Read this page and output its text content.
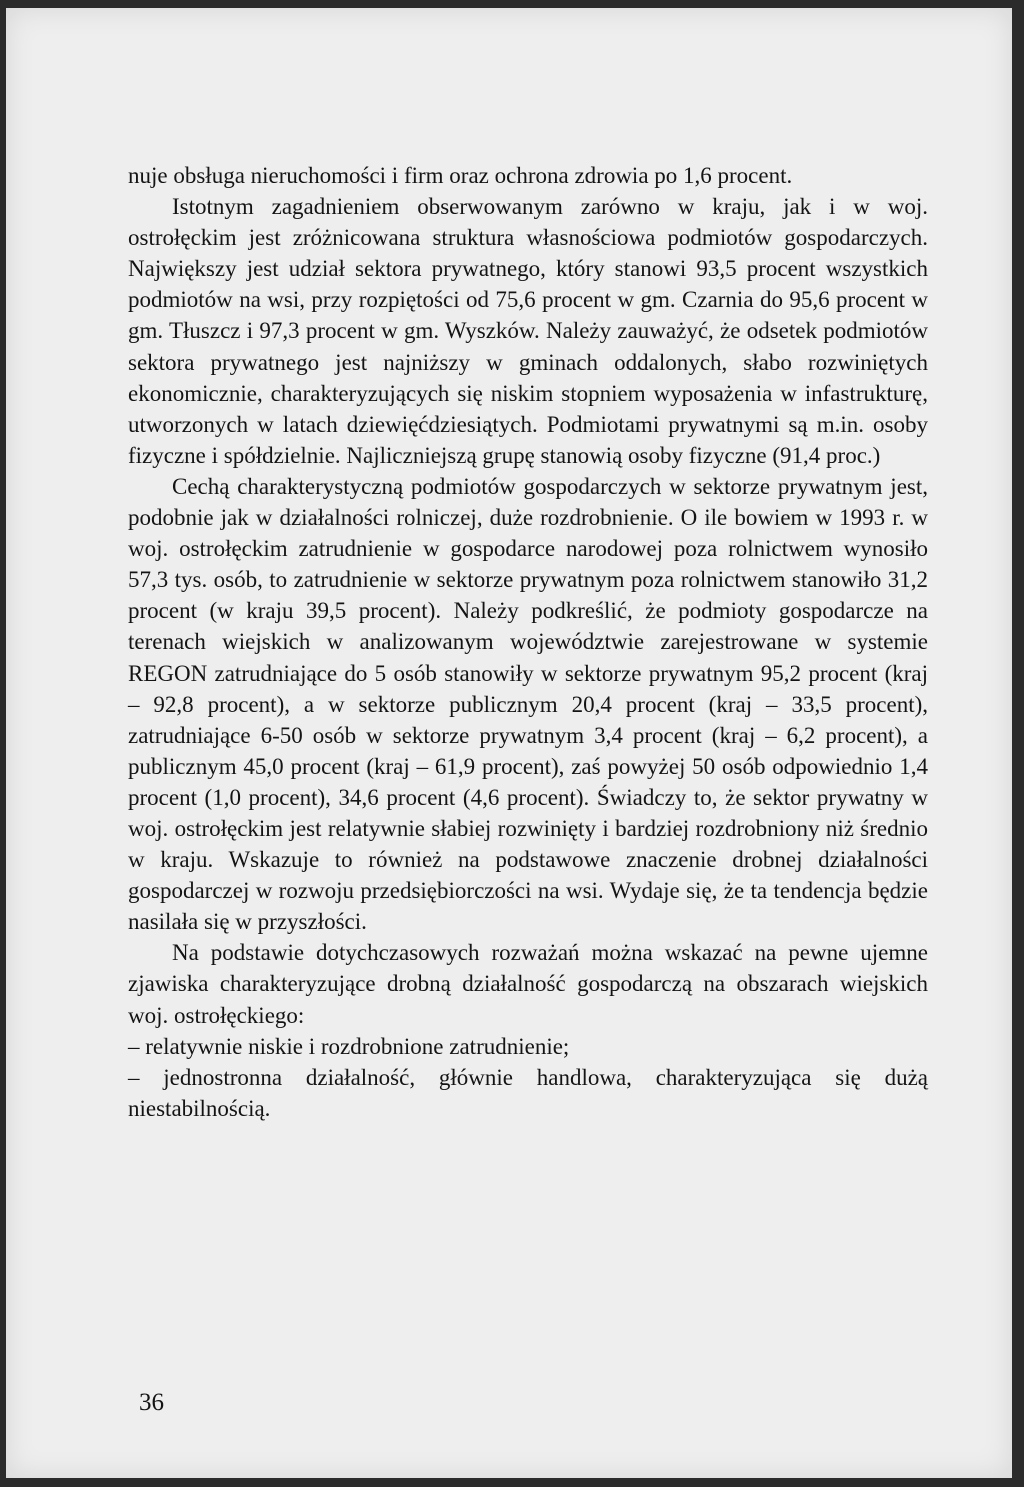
nuje obsługa nieruchomości i firm oraz ochrona zdrowia po 1,6 procent.

Istotnym zagadnieniem obserwowanym zarówno w kraju, jak i w woj. ostrołęckim jest zróżnicowana struktura własnościowa podmiotów gospodarczych. Największy jest udział sektora prywatnego, który stanowi 93,5 procent wszystkich podmiotów na wsi, przy rozpiętości od 75,6 procent w gm. Czarnia do 95,6 procent w gm. Tłuszcz i 97,3 procent w gm. Wyszków. Należy zauważyć, że odsetek podmiotów sektora prywatnego jest najniższy w gminach oddalonych, słabo rozwiniętych ekonomicznie, charakteryzujących się niskim stopniem wyposażenia w infastrukturę, utworzonych w latach dziewięćdziesiątych. Podmiotami prywatnymi są m.in. osoby fizyczne i spółdzielnie. Najliczniejszą grupę stanowią osoby fizyczne (91,4 proc.)

Cechą charakterystyczną podmiotów gospodarczych w sektorze prywatnym jest, podobnie jak w działalności rolniczej, duże rozdrobnienie. O ile bowiem w 1993 r. w woj. ostrołęckim zatrudnienie w gospodarce narodowej poza rolnictwem wynosiło 57,3 tys. osób, to zatrudnienie w sektorze prywatnym poza rolnictwem stanowiło 31,2 procent (w kraju 39,5 procent). Należy podkreślić, że podmioty gospodarcze na terenach wiejskich w analizowanym województwie zarejestrowane w systemie REGON zatrudniające do 5 osób stanowiły w sektorze prywatnym 95,2 procent (kraj – 92,8 procent), a w sektorze publicznym 20,4 procent (kraj – 33,5 procent), zatrudniające 6-50 osób w sektorze prywatnym 3,4 procent (kraj – 6,2 procent), a publicznym 45,0 procent (kraj – 61,9 procent), zaś powyżej 50 osób odpowiednio 1,4 procent (1,0 procent), 34,6 procent (4,6 procent). Świadczy to, że sektor prywatny w woj. ostrołęckim jest relatywnie słabiej rozwinięty i bardziej rozdrobniony niż średnio w kraju. Wskazuje to również na podstawowe znaczenie drobnej działalności gospodarczej w rozwoju przedsiębiorczości na wsi. Wydaje się, że ta tendencja będzie nasilała się w przyszłości.

Na podstawie dotychczasowych rozważań można wskazać na pewne ujemne zjawiska charakteryzujące drobną działalność gospodarczą na obszarach wiejskich woj. ostrołęckiego:

– relatywnie niskie i rozdrobnione zatrudnienie;

– jednostronna działalność, głównie handlowa, charakteryzująca się dużą niestabilnością.

36
